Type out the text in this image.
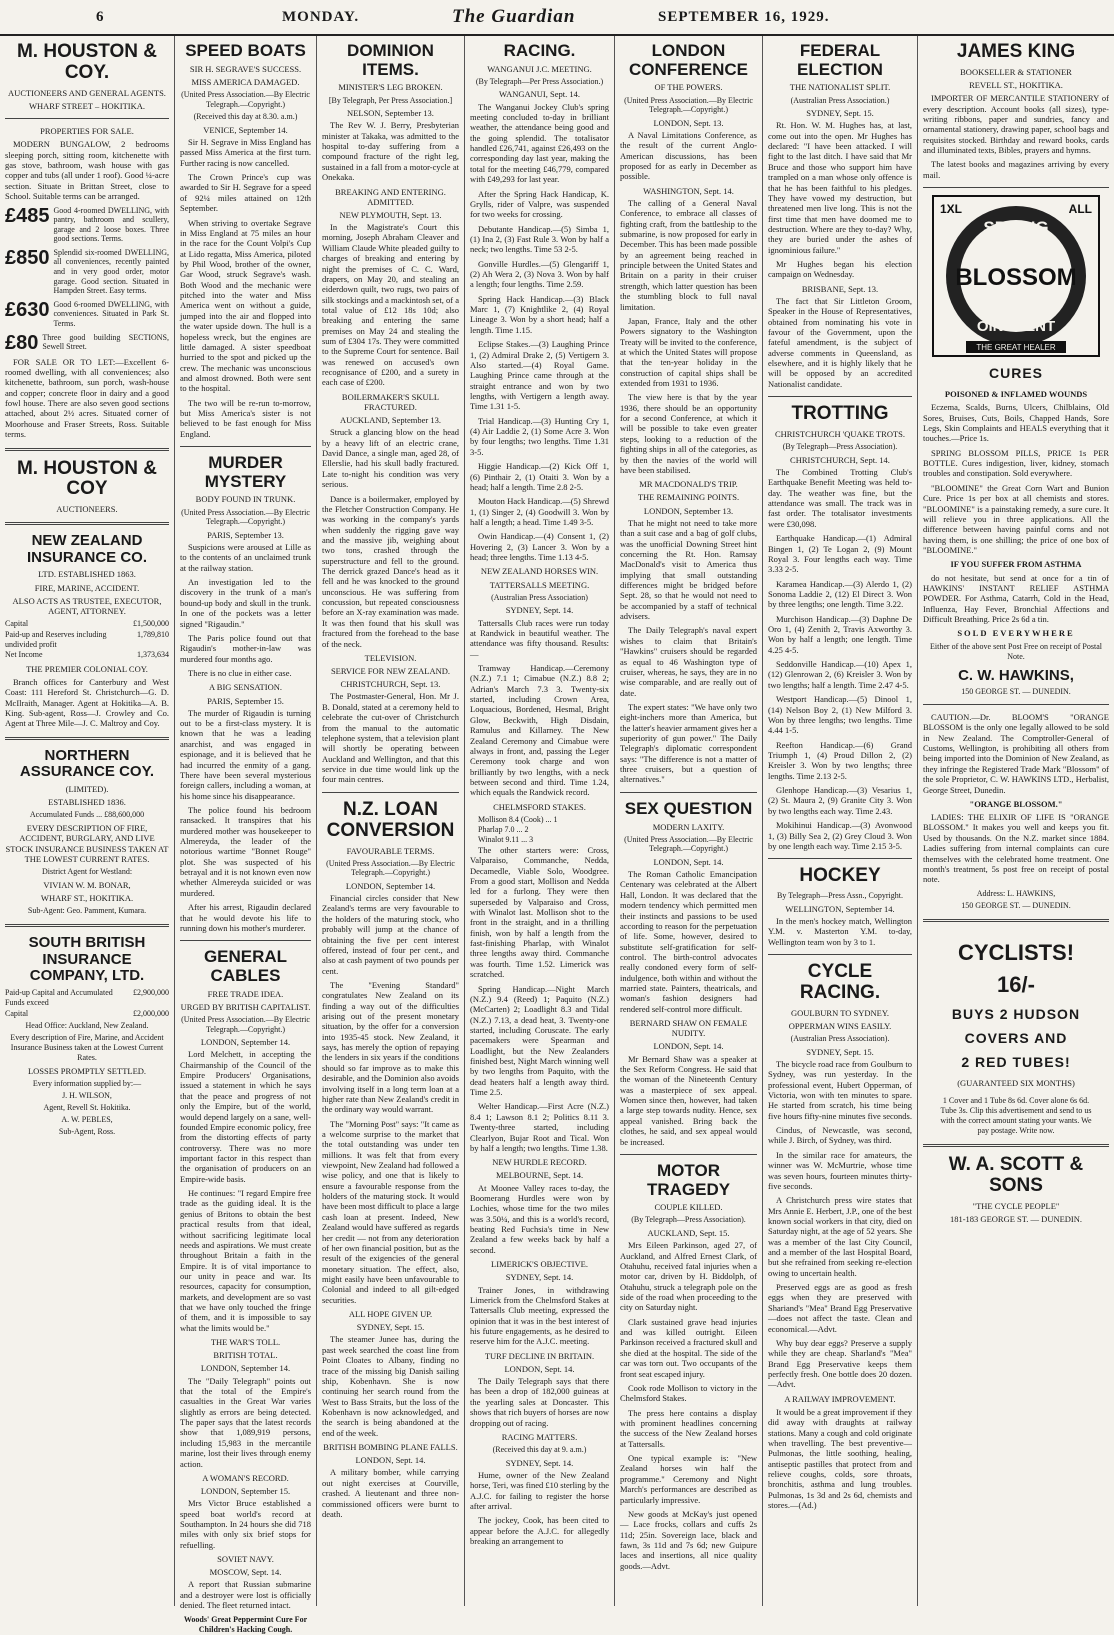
6	MONDAY.	The Guardian	SEPTEMBER 16, 1929.
M. HOUSTON & COY.
AUCTIONEERS AND GENERAL AGENTS.
WHARF STREET – HOKITIKA.
PROPERTIES FOR SALE.

MODERN BUNGALOW, 2 bedrooms sleeping porch, sitting room, kitchenette with gas stove, bathroom, wash house with gas copper and tubs (all under 1 roof). Good ¼-acre section. Situate in Brittan Street, close to School. Suitable terms can be arranged.

£485 Good 4-roomed DWELLING, with pantry, bathroom and scullery, garage and 2 loose boxes. Three good sections. Terms.
£850 Splendid six-roomed DWELLING, all conveniences, recently painted and in very good order, motor garage. Good section. Situated in Hampden Street. Easy terms.
£630 Good 6-roomed DWELLING, with conveniences. Situated in Park St. Terms.
£80 Three good building SECTIONS, Sewell Street.

FOR SALE OR TO LET:—Excellent 6-roomed dwelling, with all conveniences; also kitchenette, bathroom, sun porch, wash-house and copper; concrete floor in dairy and a good fowl house. There are also seven good sections attached, about 2½ acres. Situated corner of Moorhouse and Fraser Streets, Ross. Suitable terms.

M. HOUSTON & COY
AUCTIONEERS.
NEW ZEALAND INSURANCE CO.
LTD. ESTABLISHED 1863.
FIRE, MARINE, ACCIDENT.
ALSO ACTS AS TRUSTEE, EXECUTOR, AGENT, ATTORNEY.
Capital	£1,500,000
Paid-up and Reserves including undivided profit
1,789,810
Net Income	1,373,634
THE PREMIER COLONIAL COY.

Branch offices for Canterbury and West Coast: 111 Hereford St. Christchurch—G. D. McIlraith, Manager. Agent at Hokitika—A. B. King. Sub-agent, Ross—J. Crowley and Co. Agent at Three Mile—J. C. Maltroy and Coy.

NORTHERN ASSURANCE COY.
(LIMITED).
ESTABLISHED 1836.
Accumulated Funds ... £88,600,000
EVERY DESCRIPTION OF FIRE, ACCIDENT, BURGLARY, AND LIVE STOCK INSURANCE BUSINESS TAKEN AT THE LOWEST CURRENT RATES.
District Agent for Westland:
VIVIAN W. M. BONAR,
WHARF ST., HOKITIKA.
Sub-Agent: Geo. Pamment, Kumara.
SOUTH BRITISH INSURANCE COMPANY, LTD.
Paid-up Capital and Accumulated Funds exceed
£2,900,000
Capital	£2,000,000
Head Office: Auckland, New Zealand.
Every description of Fire, Marine, and Accident Insurance Business taken at the Lowest Current Rates.
LOSSES PROMPTLY SETTLED.
Every information supplied by:—
J. H. WILSON,
Agent, Revell St. Hokitika.
A. W. PEBLES,
Sub-Agent, Ross.
SPEED BOATS
SIR H. SEGRAVE'S SUCCESS.
MISS AMERICA DAMAGED.
(United Press Association.—By Electric Telegraph.—Copyright.)
(Received this day at 8.30. a.m.)
VENICE, September 14.

Sir H. Segrave in Miss England has passed Miss America at the first turn. Further racing is now cancelled.

The Crown Prince's cup was awarded to Sir H. Segrave for a speed of 92¼ miles attained on 12th September.

When striving to overtake Segrave in Miss England at 75 miles an hour in the race for the Count Volpi's Cup at Lido regatta, Miss America, piloted by Phil Wood, brother of the owner, Gar Wood, struck Segrave's wash. Both Wood and the mechanic were pitched into the water and Miss America went on without a guide, jumped into the air and flopped into the water upside down. The hull is a hopeless wreck, but the engines are little damaged. A sister speedboat hurried to the spot and picked up the crew. The mechanic was unconscious and almost drowned. Both were sent to the hospital.

The two will be re-run to-morrow, but Miss America's sister is not believed to be fast enough for Miss England.

MURDER MYSTERY
BODY FOUND IN TRUNK.
(United Press Association.—By Electric Telegraph.—Copyright.)
PARIS, September 13.

Suspicions were aroused at Lille as to the contents of an unclaimed trunk at the railway station.

An investigation led to the discovery in the trunk of a man's bound-up body and skull in the trunk. In one of the pockets was a letter signed "Rigaudin."

The Paris police found out that Rigaudin's mother-in-law was murdered four months ago.

There is no clue in either case.

A BIG SENSATION.
PARIS, September 15.

The murder of Rigaudin is turning out to be a first-class mystery. It is known that he was a leading anarchist, and was engaged in espionage, and it is believed that he had incurred the enmity of a gang. There have been several mysterious foreign callers, including a woman, at his home since his disappearance.

The police found his bedroom ransacked. It transpires that his murdered mother was housekeeper to Almereyda, the leader of the notorious wartime "Bonnet Rouge" plot. She was suspected of his betrayal and it is not known even now whether Almereyda suicided or was murdered.

After his arrest, Rigaudin declared that he would devote his life to running down his mother's murderer.

GENERAL CABLES
FREE TRADE IDEA.
URGED BY BRITISH CAPITALIST.
(United Press Association.—By Electric Telegraph.—Copyright.)
LONDON, September 14.

Lord Melchett, in accepting the Chairmanship of the Council of the Empire Producers' Organisations, issued a statement in which he says that the peace and progress of not only the Empire, but of the world, would depend largely on a sane, well-founded Empire economic policy, free from the distorting effects of party controversy. There was no more important factor in this respect than the organisation of producers on an Empire-wide basis.

He continues: "I regard Empire free trade as the guiding ideal. It is the genius of Britons to obtain the best practical results from that ideal, without sacrificing legitimate local needs and aspirations. We must create throughout Britain a faith in the Empire. It is of vital importance to our unity in peace and war. Its resources, capacity for consumption, markets, and development are so vast that we have only touched the fringe of them, and it is impossible to say what the limits would be."

THE WAR'S TOLL.
BRITISH TOTAL.
LONDON, September 14.

The "Daily Telegraph" points out that the total of the Empire's casualties in the Great War varies slightly as errors are being detected. The paper says that the latest records show that 1,089,919 persons, including 15,983 in the mercantile marine, lost their lives through enemy action.

A WOMAN'S RECORD.
LONDON, September 15.

Mrs Victor Bruce established a speed boat world's record at Southampton. In 24 hours she did 718 miles with only six brief stops for refuelling.

SOVIET NAVY.
MOSCOW, Sept. 14.

A report that Russian submarine and a destroyer were lost is officially denied. The fleet returned intact.

Woods' Great Peppermint Cure For Children's Hacking Cough.
DOMINION ITEMS.
MINISTER'S LEG BROKEN.
[By Telegraph, Per Press Association.]
NELSON, September 13.

The Rev W. J. Berry, Presbyterian minister at Takaka, was admitted to the hospital to-day suffering from a compound fracture of the right leg, sustained in a fall from a motor-cycle at Onekaka.

BREAKING AND ENTERING. ADMITTED.
NEW PLYMOUTH, Sept. 13.

In the Magistrate's Court this morning, Joseph Abraham Cleaver and William Claude White pleaded guilty to charges of breaking and entering by night the premises of C. C. Ward, drapers, on May 20, and stealing an eiderdown quilt, two rugs, two pairs of silk stockings and a mackintosh set, of a total value of £12 18s 10d; also breaking and entering the same premises on May 24 and stealing the sum of £304 17s. They were committed to the Supreme Court for sentence. Bail was renewed on accused's own recognisance of £200, and a surety in each case of £200.

BOILERMAKER'S SKULL FRACTURED.
AUCKLAND, September 13.

Struck a glancing blow on the head by a heavy lift of an electric crane, David Dance, a single man, aged 28, of Ellerslie, had his skull badly fractured. Late to-night his condition was very serious.

Dance is a boilermaker, employed by the Fletcher Construction Company. He was working in the company's yards when suddenly the rigging gave way and the massive jib, weighing about two tons, crashed through the superstructure and fell to the ground. The derrick grazed Dance's head as it fell and he was knocked to the ground unconscious. He was suffering from concussion, but repeated consciousness before an X-ray examination was made. It was then found that his skull was fractured from the forehead to the base of the neck.

TELEVISION.
SERVICE FOR NEW ZEALAND.
CHRISTCHURCH, Sept. 13.

The Postmaster-General, Hon. Mr J. B. Donald, stated at a ceremony held to celebrate the cut-over of Christchurch from the manual to the automatic telephone system, that a television plant will shortly be operating between Auckland and Wellington, and that this service in due time would link up the four main centres.

N.Z. LOAN CONVERSION
FAVOURABLE TERMS.
(United Press Association.—By Electric Telegraph.—Copyright.)
LONDON, September 14.

Financial circles consider that New Zealand's terms are very favourable to the holders of the maturing stock, who probably will jump at the chance of obtaining the five per cent interest offered, instead of four per cent., and also at cash payment of two pounds per cent.

The "Evening Standard" congratulates New Zealand on its finding a way out of the difficulties arising out of the present monetary situation, by the offer for a conversion into 1935-45 stock. New Zealand, it says, has merely the option of repaying the lenders in six years if the conditions should so far improve as to make this desirable, and the Dominion also avoids involving itself in a long term loan at a higher rate than New Zealand's credit in the ordinary way would warrant.

The "Morning Post" says: "It came as a welcome surprise to the market that the total outstanding was under ten millions. It was felt that from every viewpoint, New Zealand had followed a wise policy, and one that is likely to ensure a favourable response from the holders of the maturing stock. It would have been most difficult to place a large cash loan at present. Indeed, New Zealand would have suffered as regards her credit — not from any deterioration of her own financial position, but as the result of the exigencies of the general monetary situation. The effect, also, might easily have been unfavourable to Colonial and indeed to all gilt-edged securities.

ALL HOPE GIVEN UP.
SYDNEY, Sept. 15.

The steamer Junee has, during the past week searched the coast line from Point Cloates to Albany, finding no trace of the missing big Danish sailing ship, Kobenhavn. She is now continuing her search round from the West to Bass Straits, but the loss of the Kobenhavn is now acknowledged, and the search is being abandoned at the end of the week.

BRITISH BOMBING PLANE FALLS.
LONDON, Sept. 14.

A military bomber, while carrying out night exercises at Courville, crashed. A lieutenant and three non-commissioned officers were burnt to death.

RACING.
WANGANUI J.C. MEETING.
(By Telegraph—Per Press Association.)
WANGANUI, Sept. 14.

The Wanganui Jockey Club's spring meeting concluded to-day in brilliant weather, the attendance being good and the going splendid. The totalisator handled £26,741, against £26,493 on the corresponding day last year, making the total for the meeting £46,779, compared with £49,293 for last year.

After the Spring Hack Handicap, K. Grylls, rider of Valpre, was suspended for two weeks for crossing.

Debutante Handicap.—(5) Simba 1, (1) Ina 2, (3) Fast Rule 3. Won by half a neck; two lengths. Time 53 2-5.

Gonville Hurdles.—(5) Glengariff 1, (2) Ah Wera 2, (3) Nova 3. Won by half a length; four lengths. Time 2.59.

Spring Hack Handicap.—(3) Black Marc 1, (7) Knightlike 2, (4) Royal Lineage 3. Won by a short head; half a length. Time 1.15.

Eclipse Stakes.—(3) Laughing Prince 1, (2) Admiral Drake 2, (5) Vertigern 3. Also started.—(4) Royal Game. Laughing Prince came through at the straight entrance and won by two lengths, with Vertigern a length away. Time 1.31 1-5.

Trial Handicap.—(3) Hunting Cry 1, (4) Air Laddie 2, (1) Some Acre 3. Won by four lengths; two lengths. Time 1.31 3-5.

Higgie Handicap.—(2) Kick Off 1, (6) Pinthair 2, (1) Otaiti 3. Won by a head; half a length. Time 2.8 2-5.

Mouton Hack Handicap.—(5) Shrewd 1, (1) Singer 2, (4) Goodwill 3. Won by half a length; a head. Time 1.49 3-5.

Owin Handicap.—(4) Consent 1, (2) Hovering 2, (3) Lancer 3. Won by a head; three lengths. Time 1.13 4-5.

NEW ZEALAND HORSES WIN.
TATTERSALLS MEETING.
(Australian Press Association)
SYDNEY, Sept. 14.

Tattersalls Club races were run today at Randwick in beautiful weather. The attendance was fifty thousand. Results:—

Tramway Handicap.—Ceremony (N.Z.) 7.1 1; Cimabue (N.Z.) 8.8 2; Adrian's March 7.3 3. Twenty-six started, including Crown Area, Loquacious, Bordened, Hesmal, Bright Glow, Beckwith, High Disdain, Ramulus and Killarney. The New Zealand Ceremony and Cimabue were always in front, and, passing the Leger Ceremony took charge and won brilliantly by two lengths, with a neck between second and third. Time 1.24, which equals the Randwick record.

CHELMSFORD STAKES.
Mollison 8.4 (Cook) ... 1
Pharlap 7.0 ... 2
Winalot 9.11 ... 3

The other starters were: Cross, Valparaiso, Commanche, Nedda, Decamedle, Viable Solo, Woodgree. From a good start, Mollison and Nedda led for a furlong. They were then superseded by Valparaiso and Cross, with Winalot last. Mollison shot to the front in the straight, and in a thrilling finish, won by half a length from the fast-finishing Pharlap, with Winalot three lengths away third. Commanche was fourth. Time 1.52. Limerick was scratched.

Spring Handicap.—Night March (N.Z.) 9.4 (Reed) 1; Paquito (N.Z.) (McCarten) 2; Loadlight 8.3 and Tidal (N.Z.) 7.13, a dead heat, 3. Twenty-one started, including Coruscate. The early pacemakers were Spearman and Loadlight, but the New Zealanders finished best, Night March winning well by two lengths from Paquito, with the dead heaters half a length away third. Time 2.5.

Welter Handicap.—First Acre (N.Z.) 8.4 1; Lawson 8.1 2; Politics 8.11 3. Twenty-three started, including Clearlyon, Bujar Root and Tical. Won by half a length; two lengths. Time 1.38.

NEW HURDLE RECORD.
MELBOURNE, Sept. 14.

At Moonee Valley races to-day, the Boomerang Hurdles were won by Lochies, whose time for the two miles was 3.50¼, and this is a world's record, beating Red Fuchsia's time in New Zealand a few weeks back by half a second.

LIMERICK'S OBJECTIVE.
SYDNEY, Sept. 14.

Trainer Jones, in withdrawing Limerick from the Chelmsford Stakes at Tattersalls Club meeting, expressed the opinion that it was in the best interest of his future engagements, as he desired to reserve him for the A.J.C. meeting.

TURF DECLINE IN BRITAIN.
LONDON, Sept. 14.

The Daily Telegraph says that there has been a drop of 182,000 guineas at the yearling sales at Doncaster. This shows that rich buyers of horses are now dropping out of racing.

RACING MATTERS.
(Received this day at 9. a.m.)
SYDNEY, Sept. 14.

Hume, owner of the New Zealand horse, Teri, was fined £10 sterling by the A.J.C. for failing to register the horse after arrival.

The jockey, Cook, has been cited to appear before the A.J.C. for allegedly breaking an arrangement to

LONDON CONFERENCE
OF THE POWERS.
(United Press Association.—By Electric Telegraph.—Copyright.)
LONDON, Sept. 13.

A Naval Limitations Conference, as the result of the current Anglo-American discussions, has been proposed for as early in December as possible.

WASHINGTON, Sept. 14.

The calling of a General Naval Conference, to embrace all classes of fighting craft, from the battleship to the submarine, is now proposed for early in December. This has been made possible by an agreement being reached in principle between the United States and Britain on a parity in their cruiser strength, which latter question has been the stumbling block to full naval limitation.

Japan, France, Italy and the other Powers signatory to the Washington Treaty will be invited to the conference, at which the United States will propose that the ten-year holiday in the construction of capital ships shall be extended from 1931 to 1936.

The view here is that by the year 1936, there should be an opportunity for a second Conference, at which it will be possible to take even greater steps, looking to a reduction of the fighting ships in all of the categories, as by then the navies of the world will have been stabilised.

MR MACDONALD'S TRIP.
THE REMAINING POINTS.
LONDON, September 13.

That he might not need to take more than a suit case and a bag of golf clubs, was the unofficial Downing Street hint concerning the Rt. Hon. Ramsay MacDonald's visit to America thus implying that small outstanding differences might be bridged before Sept. 28, so that he would not need to be accompanied by a staff of technical advisers.

The Daily Telegraph's naval expert wishes to claim that Britain's "Hawkins" cruisers should be regarded as equal to 46 Washington type of cruiser, whereas, he says, they are in no wise comparable, and are really out of date.

The expert states: "We have only two eight-inchers more than America, but the latter's heavier armament gives her a superiority of gun power." The Daily Telegraph's diplomatic correspondent says: "The difference is not a matter of three cruisers, but a question of alternatives."

SEX QUESTION
MODERN LAXITY.
(United Press Association.—By Electric Telegraph.—Copyright.)
LONDON, Sept. 14.

The Roman Catholic Emancipation Centenary was celebrated at the Albert Hall, London. It was declared that the modern tendency which permitted men their instincts and passions to be used according to reason for the perpetuation of life. Some, however, desired to substitute self-gratification for self-control. The birth-control advocates really condoned every form of self-indulgence, both within and without the married state. Painters, theatricals, and woman's fashion designers had rendered self-control more difficult.

BERNARD SHAW ON FEMALE NUDITY.
LONDON, Sept. 14.

Mr Bernard Shaw was a speaker at the Sex Reform Congress. He said that the woman of the Nineteenth Century was a masterpiece of sex appeal. Women since then, however, had taken a large step towards nudity. Hence, sex appeal vanished. Bring back the clothes, he said, and sex appeal would be increased.

MOTOR TRAGEDY
COUPLE KILLED.
(By Telegraph—Press Association).
AUCKLAND, Sept. 15.

Mrs Eileen Parkinson, aged 27, of Auckland, and Alfred Ernest Clark, of Otahuhu, received fatal injuries when a motor car, driven by H. Biddolph, of Otahuhu, struck a telegraph pole on the side of the road when proceeding to the city on Saturday night.

Clark sustained grave head injuries and was killed outright. Eileen Parkinson received a fractured skull and she died at the hospital. The side of the car was torn out. Two occupants of the front seat escaped injury.

Cook rode Mollison to victory in the Chelmsford Stakes.

The press here contains a display with prominent headlines concerning the success of the New Zealand horses at Tattersalls.

One typical example is: "New Zealand horses win half the programme." Ceremony and Night March's performances are described as particularly impressive.

New goods at McKay's just opened — Lace frocks, collars and cuffs 2s 11d; 25in. Sovereign lace, black and fawn, 3s 11d and 7s 6d; new Guipure laces and insertions, all nice quality goods.—Advt.

FEDERAL ELECTION
THE NATIONALIST SPLIT.
(Australian Press Association.)
SYDNEY, Sept. 15.

Rt. Hon. W. M. Hughes has, at last, come out into the open. Mr Hughes has declared: "I have been attacked. I will fight to the last ditch. I have said that Mr Bruce and those who support him have trampled on a man whose only offence is that he has been faithful to his pledges. They have vowed my destruction, but threatened men live long. This is not the first time that men have doomed me to destruction. Where are they to-day? Why, they are buried under the ashes of ignominious failure."

Mr Hughes began his election campaign on Wednesday.

BRISBANE, Sept. 13.

The fact that Sir Littleton Groom, Speaker in the House of Representatives, obtained from nominating his vote in favour of the Government, upon the fateful amendment, is the subject of adverse comments in Queensland, as elsewhere, and it is highly likely that he will be opposed by an accredited Nationalist candidate.

TROTTING
CHRISTCHURCH 'QUAKE TROTS.
(By Telegraph—Press Association).
CHRISTCHURCH, Sept. 14.

The Combined Trotting Club's Earthquake Benefit Meeting was held to-day. The weather was fine, but the attendance was small. The track was in fast order. The totalisator investments were £30,098.

Earthquake Handicap.—(1) Admiral Bingen 1, (2) Te Logan 2, (9) Mount Royal 3. Four lengths each way. Time 3.33 2-5.

Karamea Handicap.—(3) Alerdo 1, (2) Sonoma Laddie 2, (12) El Direct 3. Won by three lengths; one length. Time 3.22.

Murchison Handicap.—(3) Daphne De Oro 1, (4) Zenith 2, Travis Axworthy 3. Won by half a length; one length. Time 4.25 4-5.

Seddonville Handicap.—(10) Apex 1, (12) Glenrowan 2, (6) Kreisler 3. Won by two lengths; half a length. Time 2.47 4-5.

Westport Handicap.—(5) Dinool 1, (14) Nelson Boy 2, (1) New Milford 3. Won by three lengths; two lengths. Time 4.44 1-5.

Reefton Handicap.—(6) Grand Triumph 1, (4) Proud Dillon 2, (2) Kreisler 3. Won by two lengths; three lengths. Time 2.13 2-5.

Glenhope Handicap.—(3) Vesarius 1, (2) St. Maura 2, (9) Granite City 3. Won by two lengths each way. Time 2.43.

Mokihinui Handicap.—(3) Avonwood 1, (3) Billy Sea 2, (2) Grey Cloud 3. Won by one length each way. Time 2.15 3-5.

HOCKEY
By Telegraph—Press Assn., Copyright.
WELLINGTON, September 14.

In the men's hockey match, Wellington Y.M. v. Masterton Y.M. to-day, Wellington team won by 3 to 1.

CYCLE RACING.
GOULBURN TO SYDNEY.
OPPERMAN WINS EASILY.
(Australian Press Association).
SYDNEY, Sept. 15.

The bicycle road race from Goulburn to Sydney, was run yesterday. In the professional event, Hubert Opperman, of Victoria, won with ten minutes to spare. He started from scratch, his time being five hours fifty-nine minutes five seconds.

Cindus, of Newcastle, was second, while J. Birch, of Sydney, was third.

In the similar race for amateurs, the winner was W. McMurtrie, whose time was seven hours, fourteen minutes thirty-five seconds.

A Christchurch press wire states that Mrs Annie E. Herbert, J.P., one of the best known social workers in that city, died on Saturday night, at the age of 52 years. She was a member of the last City Council, and a member of the last Hospital Board, but she refrained from seeking re-election owing to uncertain health.

Preserved eggs are as good as fresh eggs when they are preserved with Shariand's "Mea" Brand Egg Preservative—does not affect the taste. Clean and economical.—Advt.

Why buy dear eggs? Preserve a supply while they are cheap. Sharland's "Mea" Brand Egg Preservative keeps them perfectly fresh. One bottle does 20 dozen.—Advt.

A RAILWAY IMPROVEMENT.

It would be a great improvement if they did away with draughts at railway stations. Many a cough and cold originate when travelling. The best preventive—Pulmonas, the little soothing, healing, antiseptic pastilles that protect from and relieve coughs, colds, sore throats, bronchitis, asthma and lung troubles. Pulmonas, 1s 3d and 2s 6d, chemists and stores.—(Ad.)

JAMES KING
BOOKSELLER & STATIONER
REVELL ST., HOKITIKA.

IMPORTER OF MERCANTILE STATIONERY of every description. Account books (all sizes), type-writing ribbons, paper and sundries, fancy and ornamental stationery, drawing paper, school bags and requisites stocked. Birthday and reward books, cards and illuminated texts, Bibles, prayers and hymns.

The latest books and magazines arriving by every mail.

SPRING
BLOSSOM
OINTMENT
1XL	ALL
THE GREAT HEALER
CURES
POISONED & INFLAMED WOUNDS

Eczema, Scalds, Burns, Ulcers, Chilblains, Old Sores, Bruises, Cuts, Boils, Chapped Hands, Sore Legs, Skin Complaints and HEALS everything that it touches.—Price 1s.

SPRING BLOSSOM PILLS, PRICE 1s PER BOTTLE. Cures indigestion, liver, kidney, stomach troubles and constipation. Sold everywhere.

"BLOOMINE" the Great Corn Wart and Bunion Cure. Price 1s per box at all chemists and stores. "BLOOMINE" is a painstaking remedy, a sure cure. It will relieve you in three applications. All the difference between having painful corns and not having them, is one shilling; the price of one box of "BLOOMINE."

IF YOU SUFFER FROM ASTHMA

do not hesitate, but send at once for a tin of HAWKINS' INSTANT RELIEF ASTHMA POWDER. For Asthma, Catarrh, Cold in the Head, Influenza, Hay Fever, Bronchial Affections and Difficult Breathing. Price 2s 6d a tin.

SOLD EVERYWHERE
Either of the above sent Post Free on receipt of Postal Note.
C. W. HAWKINS,
150 GEORGE ST. — DUNEDIN.

CAUTION.—Dr. BLOOM'S "ORANGE BLOSSOM is the only one legally allowed to be sold in New Zealand. The Comptroller-General of Customs, Wellington, is prohibiting all others from being imported into the Dominion of New Zealand, as they infringe the Registered Trade Mark "Blossom" of the sole Proprietor, C. W. HAWKINS LTD., Herbalist, George Street, Dunedin.

"ORANGE BLOSSOM."

LADIES: THE ELIXIR OF LIFE IS "ORANGE BLOSSOM." It makes you well and keeps you fit. Used by thousands. On the N.Z. market since 1884. Ladies suffering from internal complaints can cure themselves with the celebrated home treatment. One month's treatment, 5s post free on receipt of postal note.

Address: L. HAWKINS,
150 GEORGE ST. — DUNEDIN.
CYCLISTS!
16/-
BUYS 2 HUDSON
COVERS AND
2 RED TUBES!
(GUARANTEED SIX MONTHS)
1 Cover and 1 Tube 8s 6d. Cover alone 6s 6d. Tube 3s. Clip this advertisement and send to us with the correct amount stating your wants. We pay postage. Write now.
W. A. SCOTT & SONS
"THE CYCLE PEOPLE"
181-183 GEORGE ST. — DUNEDIN.
